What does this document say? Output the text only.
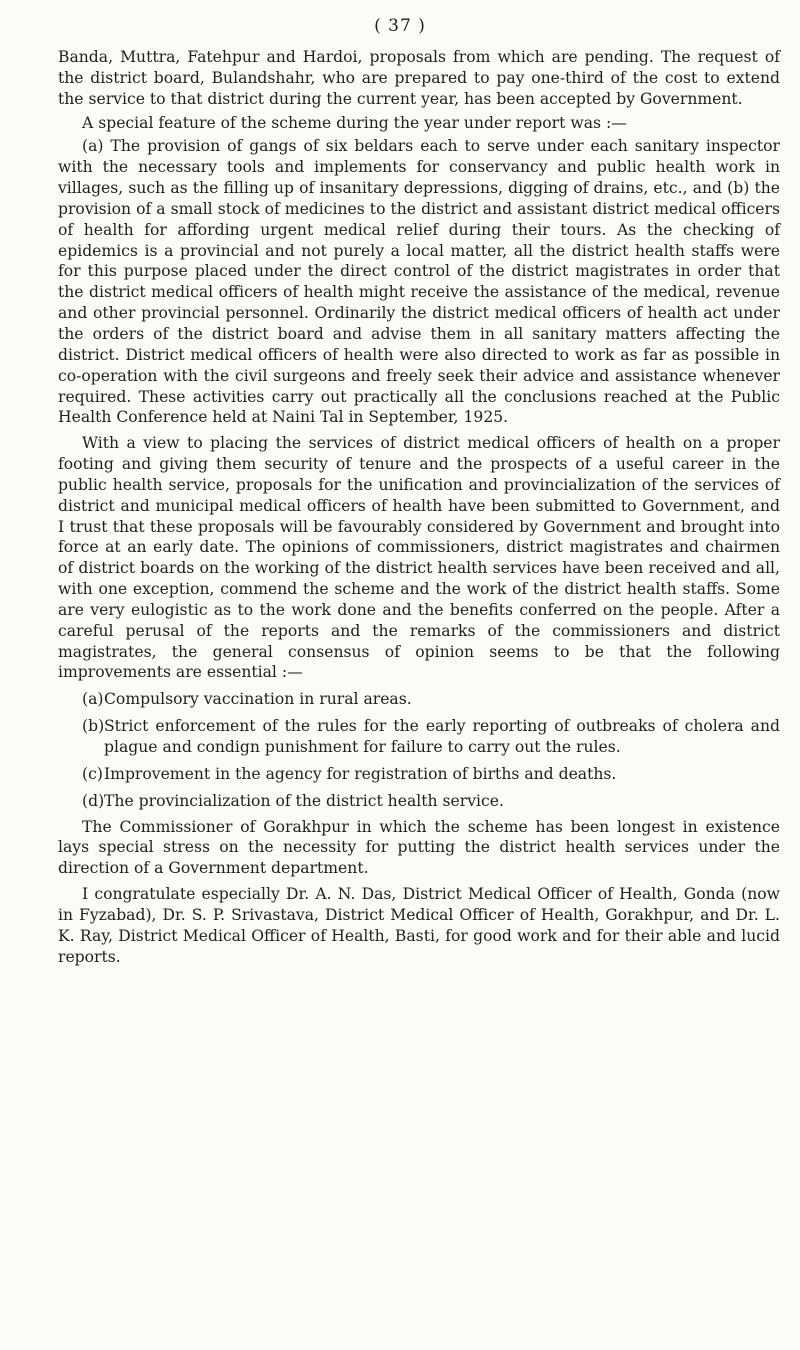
( 37 )

Banda, Muttra, Fatehpur and Hardoi, proposals from which are pending. The request of the district board, Bulandshahr, who are prepared to pay one-third of the cost to extend the service to that district during the current year, has been accepted by Government.

A special feature of the scheme during the year under report was :—

(a) The provision of gangs of six beldars each to serve under each sanitary inspector with the necessary tools and implements for conservancy and public health work in villages, such as the filling up of insanitary depressions, digging of drains, etc., and (b) the provision of a small stock of medicines to the district and assistant district medical officers of health for affording urgent medical relief during their tours. As the checking of epidemics is a provincial and not purely a local matter, all the district health staffs were for this purpose placed under the direct control of the district magistrates in order that the district medical officers of health might receive the assistance of the medical, revenue and other provincial personnel. Ordinarily the district medical officers of health act under the orders of the district board and advise them in all sanitary matters affecting the district. District medical officers of health were also directed to work as far as possible in co-operation with the civil surgeons and freely seek their advice and assistance whenever required. These activities carry out practically all the conclusions reached at the Public Health Conference held at Naini Tal in September, 1925.

With a view to placing the services of district medical officers of health on a proper footing and giving them security of tenure and the prospects of a useful career in the public health service, proposals for the unification and provincialization of the services of district and municipal medical officers of health have been submitted to Government, and I trust that these proposals will be favourably considered by Government and brought into force at an early date. The opinions of commissioners, district magistrates and chairmen of district boards on the working of the district health services have been received and all, with one exception, commend the scheme and the work of the district health staffs. Some are very eulogistic as to the work done and the benefits conferred on the people. After a careful perusal of the reports and the remarks of the commissioners and district magistrates, the general consensus of opinion seems to be that the following improvements are essential :—

(a) Compulsory vaccination in rural areas.
(b) Strict enforcement of the rules for the early reporting of outbreaks of cholera and plague and condign punishment for failure to carry out the rules.
(c) Improvement in the agency for registration of births and deaths.
(d) The provincialization of the district health service.

The Commissioner of Gorakhpur in which the scheme has been longest in existence lays special stress on the necessity for putting the district health services under the direction of a Government department.

I congratulate especially Dr. A. N. Das, District Medical Officer of Health, Gonda (now in Fyzabad), Dr. S. P. Srivastava, District Medical Officer of Health, Gorakhpur, and Dr. L. K. Ray, District Medical Officer of Health, Basti, for good work and for their able and lucid reports.
